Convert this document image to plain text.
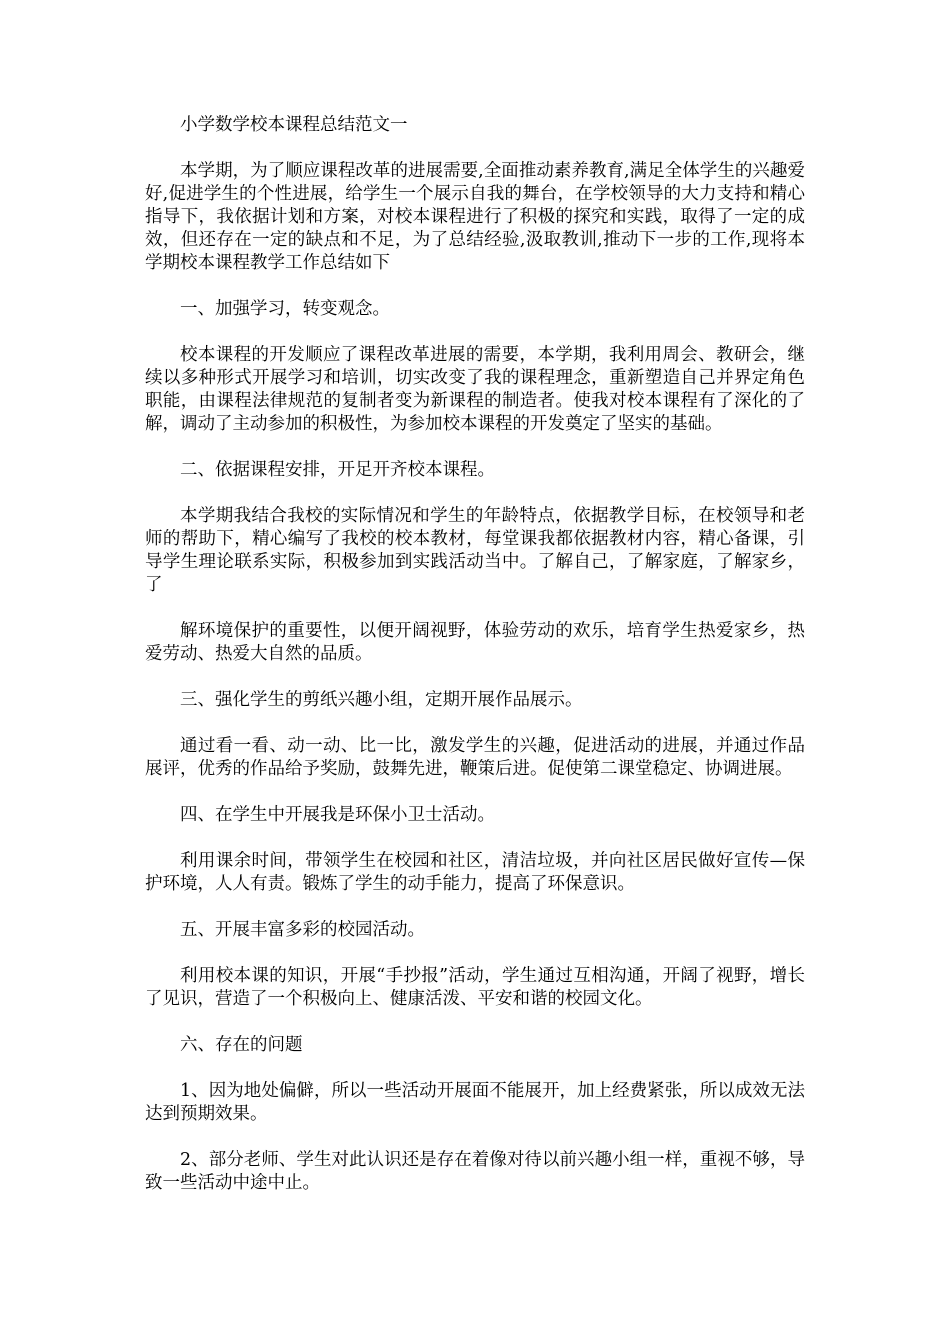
小学数学校本课程总结范文一

本学期，为了顺应课程改革的进展需要,全面推动素养教育,满足全体学生的兴趣爱好,促进学生的个性进展，给学生一个展示自我的舞台，在学校领导的大力支持和精心指导下，我依据计划和方案，对校本课程进行了积极的探究和实践，取得了一定的成效，但还存在一定的缺点和不足，为了总结经验,汲取教训,推动下一步的工作,现将本学期校本课程教学工作总结如下

一、加强学习，转变观念。

校本课程的开发顺应了课程改革进展的需要，本学期，我利用周会、教研会，继续以多种形式开展学习和培训，切实改变了我的课程理念，重新塑造自己并界定角色职能，由课程法律规范的复制者变为新课程的制造者。使我对校本课程有了深化的了解，调动了主动参加的积极性，为参加校本课程的开发奠定了坚实的基础。

二、依据课程安排，开足开齐校本课程。

本学期我结合我校的实际情况和学生的年龄特点，依据教学目标，在校领导和老师的帮助下，精心编写了我校的校本教材，每堂课我都依据教材内容，精心备课，引导学生理论联系实际，积极参加到实践活动当中。了解自己，了解家庭，了解家乡，了

解环境保护的重要性，以便开阔视野，体验劳动的欢乐，培育学生热爱家乡，热爱劳动、热爱大自然的品质。

三、强化学生的剪纸兴趣小组，定期开展作品展示。

通过看一看、动一动、比一比，激发学生的兴趣，促进活动的进展，并通过作品展评，优秀的作品给予奖励，鼓舞先进，鞭策后进。促使第二课堂稳定、协调进展。

四、在学生中开展我是环保小卫士活动。

利用课余时间，带领学生在校园和社区，清洁垃圾，并向社区居民做好宣传—保护环境，人人有责。锻炼了学生的动手能力，提高了环保意识。

五、开展丰富多彩的校园活动。

利用校本课的知识，开展“手抄报”活动，学生通过互相沟通，开阔了视野，增长了见识，营造了一个积极向上、健康活泼、平安和谐的校园文化。

六、存在的问题

1、因为地处偏僻，所以一些活动开展面不能展开，加上经费紧张，所以成效无法达到预期效果。

2、部分老师、学生对此认识还是存在着像对待以前兴趣小组一样，重视不够，导致一些活动中途中止。
